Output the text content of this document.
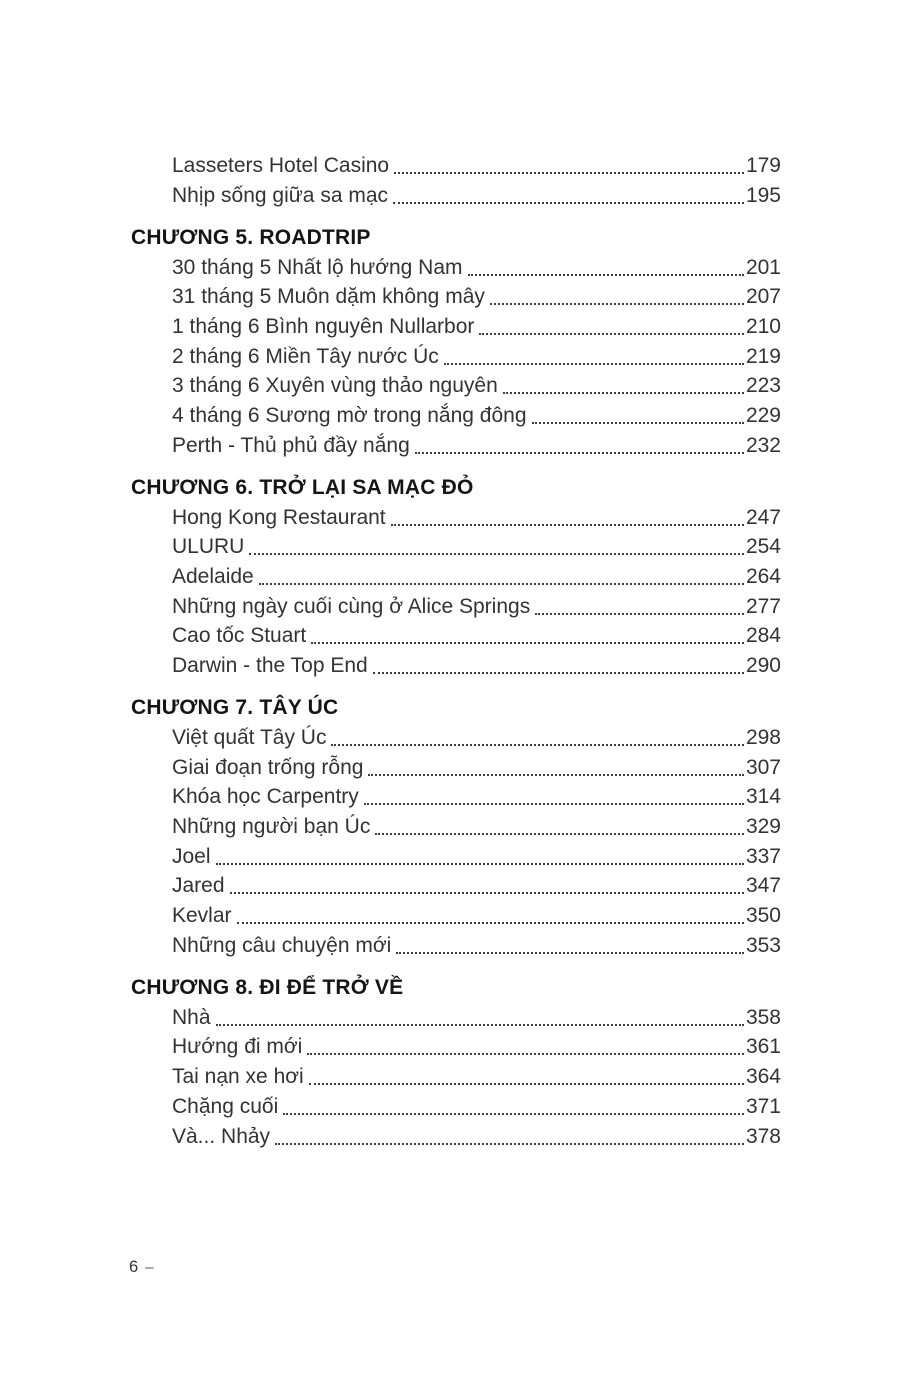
Lasseters Hotel Casino	179
Nhịp sống giữa sa mạc	195
CHƯƠNG 5. ROADTRIP
30 tháng 5 Nhất lộ hướng Nam	201
31 tháng 5 Muôn dặm không mây	207
1 tháng 6 Bình nguyên Nullarbor	210
2 tháng 6 Miền Tây nước Úc	219
3 tháng 6 Xuyên vùng thảo nguyên	223
4 tháng 6 Sương mờ trong nắng đông	229
Perth - Thủ phủ đầy nắng	232
CHƯƠNG 6. TRỞ LẠI SA MẠC ĐỎ
Hong Kong Restaurant	247
ULURU	254
Adelaide	264
Những ngày cuối cùng ở Alice Springs	277
Cao tốc Stuart	284
Darwin - the Top End	290
CHƯƠNG 7. TÂY ÚC
Việt quất Tây Úc	298
Giai đoạn trống rỗng	307
Khóa học Carpentry	314
Những người bạn Úc	329
Joel	337
Jared	347
Kevlar	350
Những câu chuyện mới	353
CHƯƠNG 8. ĐI ĐỂ TRỞ VỀ
Nhà	358
Hướng đi mới	361
Tai nạn xe hơi	364
Chặng cuối	371
Và... Nhảy	378
6 –
